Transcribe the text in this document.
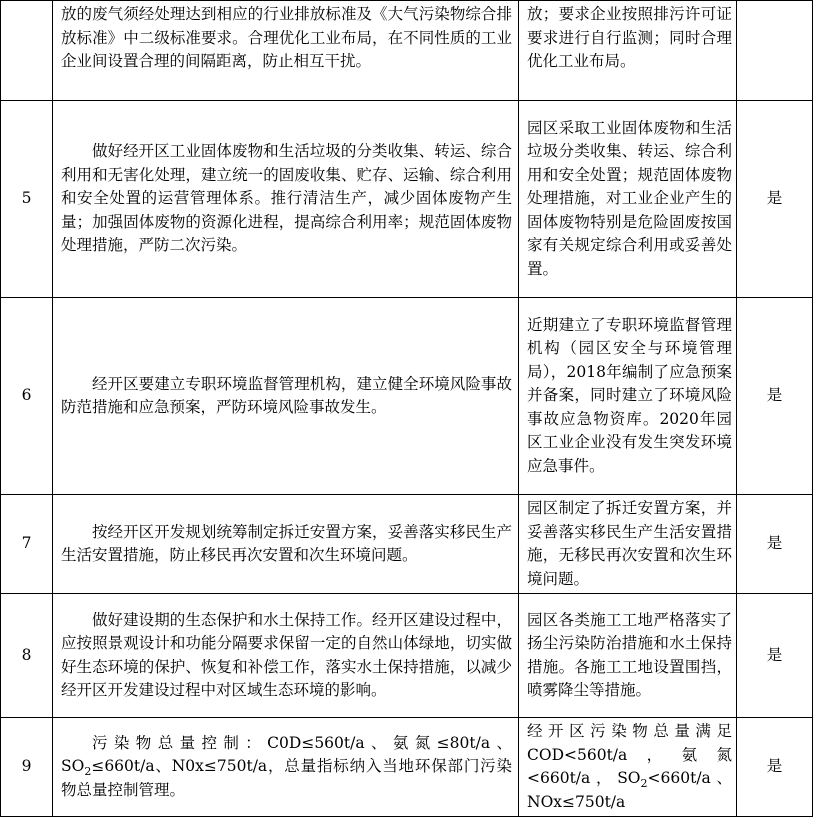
	放的废气须经处理达到相应的行业排放标准及《大气污染物综合排放标准》中二级标准要求。合理优化工业布局，在不同性质的工业企业间设置合理的间隔距离，防止相互干扰。	放；要求企业按照排污许可证要求进行自行监测；同时合理优化工业布局。	

5	做好经开区工业固体废物和生活垃圾的分类收集、转运、综合利用和无害化处理，建立统一的固废收集、贮存、运输、综合利用和安全处置的运营管理体系。推行清洁生产，减少固体废物产生量；加强固体废物的资源化进程，提高综合利用率；规范固体废物处理措施，严防二次污染。	园区采取工业固体废物和生活垃圾分类收集、转运、综合利用和安全处置；规范固体废物处理措施，对工业企业产生的固体废物特别是危险固废按国家有关规定综合利用或妥善处置。	是
6	经开区要建立专职环境监督管理机构，建立健全环境风险事故防范措施和应急预案，严防环境风险事故发生。	近期建立了专职环境监督管理机构（园区安全与环境管理局），2018年编制了应急预案并备案，同时建立了环境风险事故应急物资库。2020年园区工业企业没有发生突发环境应急事件。	是
7	按经开区开发规划统筹制定拆迁安置方案，妥善落实移民生产生活安置措施，防止移民再次安置和次生环境问题。	园区制定了拆迁安置方案，并妥善落实移民生产生活安置措施，无移民再次安置和次生环境问题。	是
8	做好建设期的生态保护和水土保持工作。经开区建设过程中，应按照景观设计和功能分隔要求保留一定的自然山体绿地，切实做好生态环境的保护、恢复和补偿工作，落实水土保持措施，以减少经开区开发建设过程中对区域生态环境的影响。	园区各类施工工地严格落实了扬尘污染防治措施和水土保持措施。各施工工地设置围挡，喷雾降尘等措施。	是
9	污染物总量控制：C0D≤560t/a、氨氮≤80t/a、$SO_2\le 660t/a$、N0x≤750t/a，总量指标纳入当地环保部门污染物总量控制管理。	经开区污染物总量满足COD<560t/a，氨氮<660t/a，$SO_2<660t/a$、NOx≤750t/a	是
